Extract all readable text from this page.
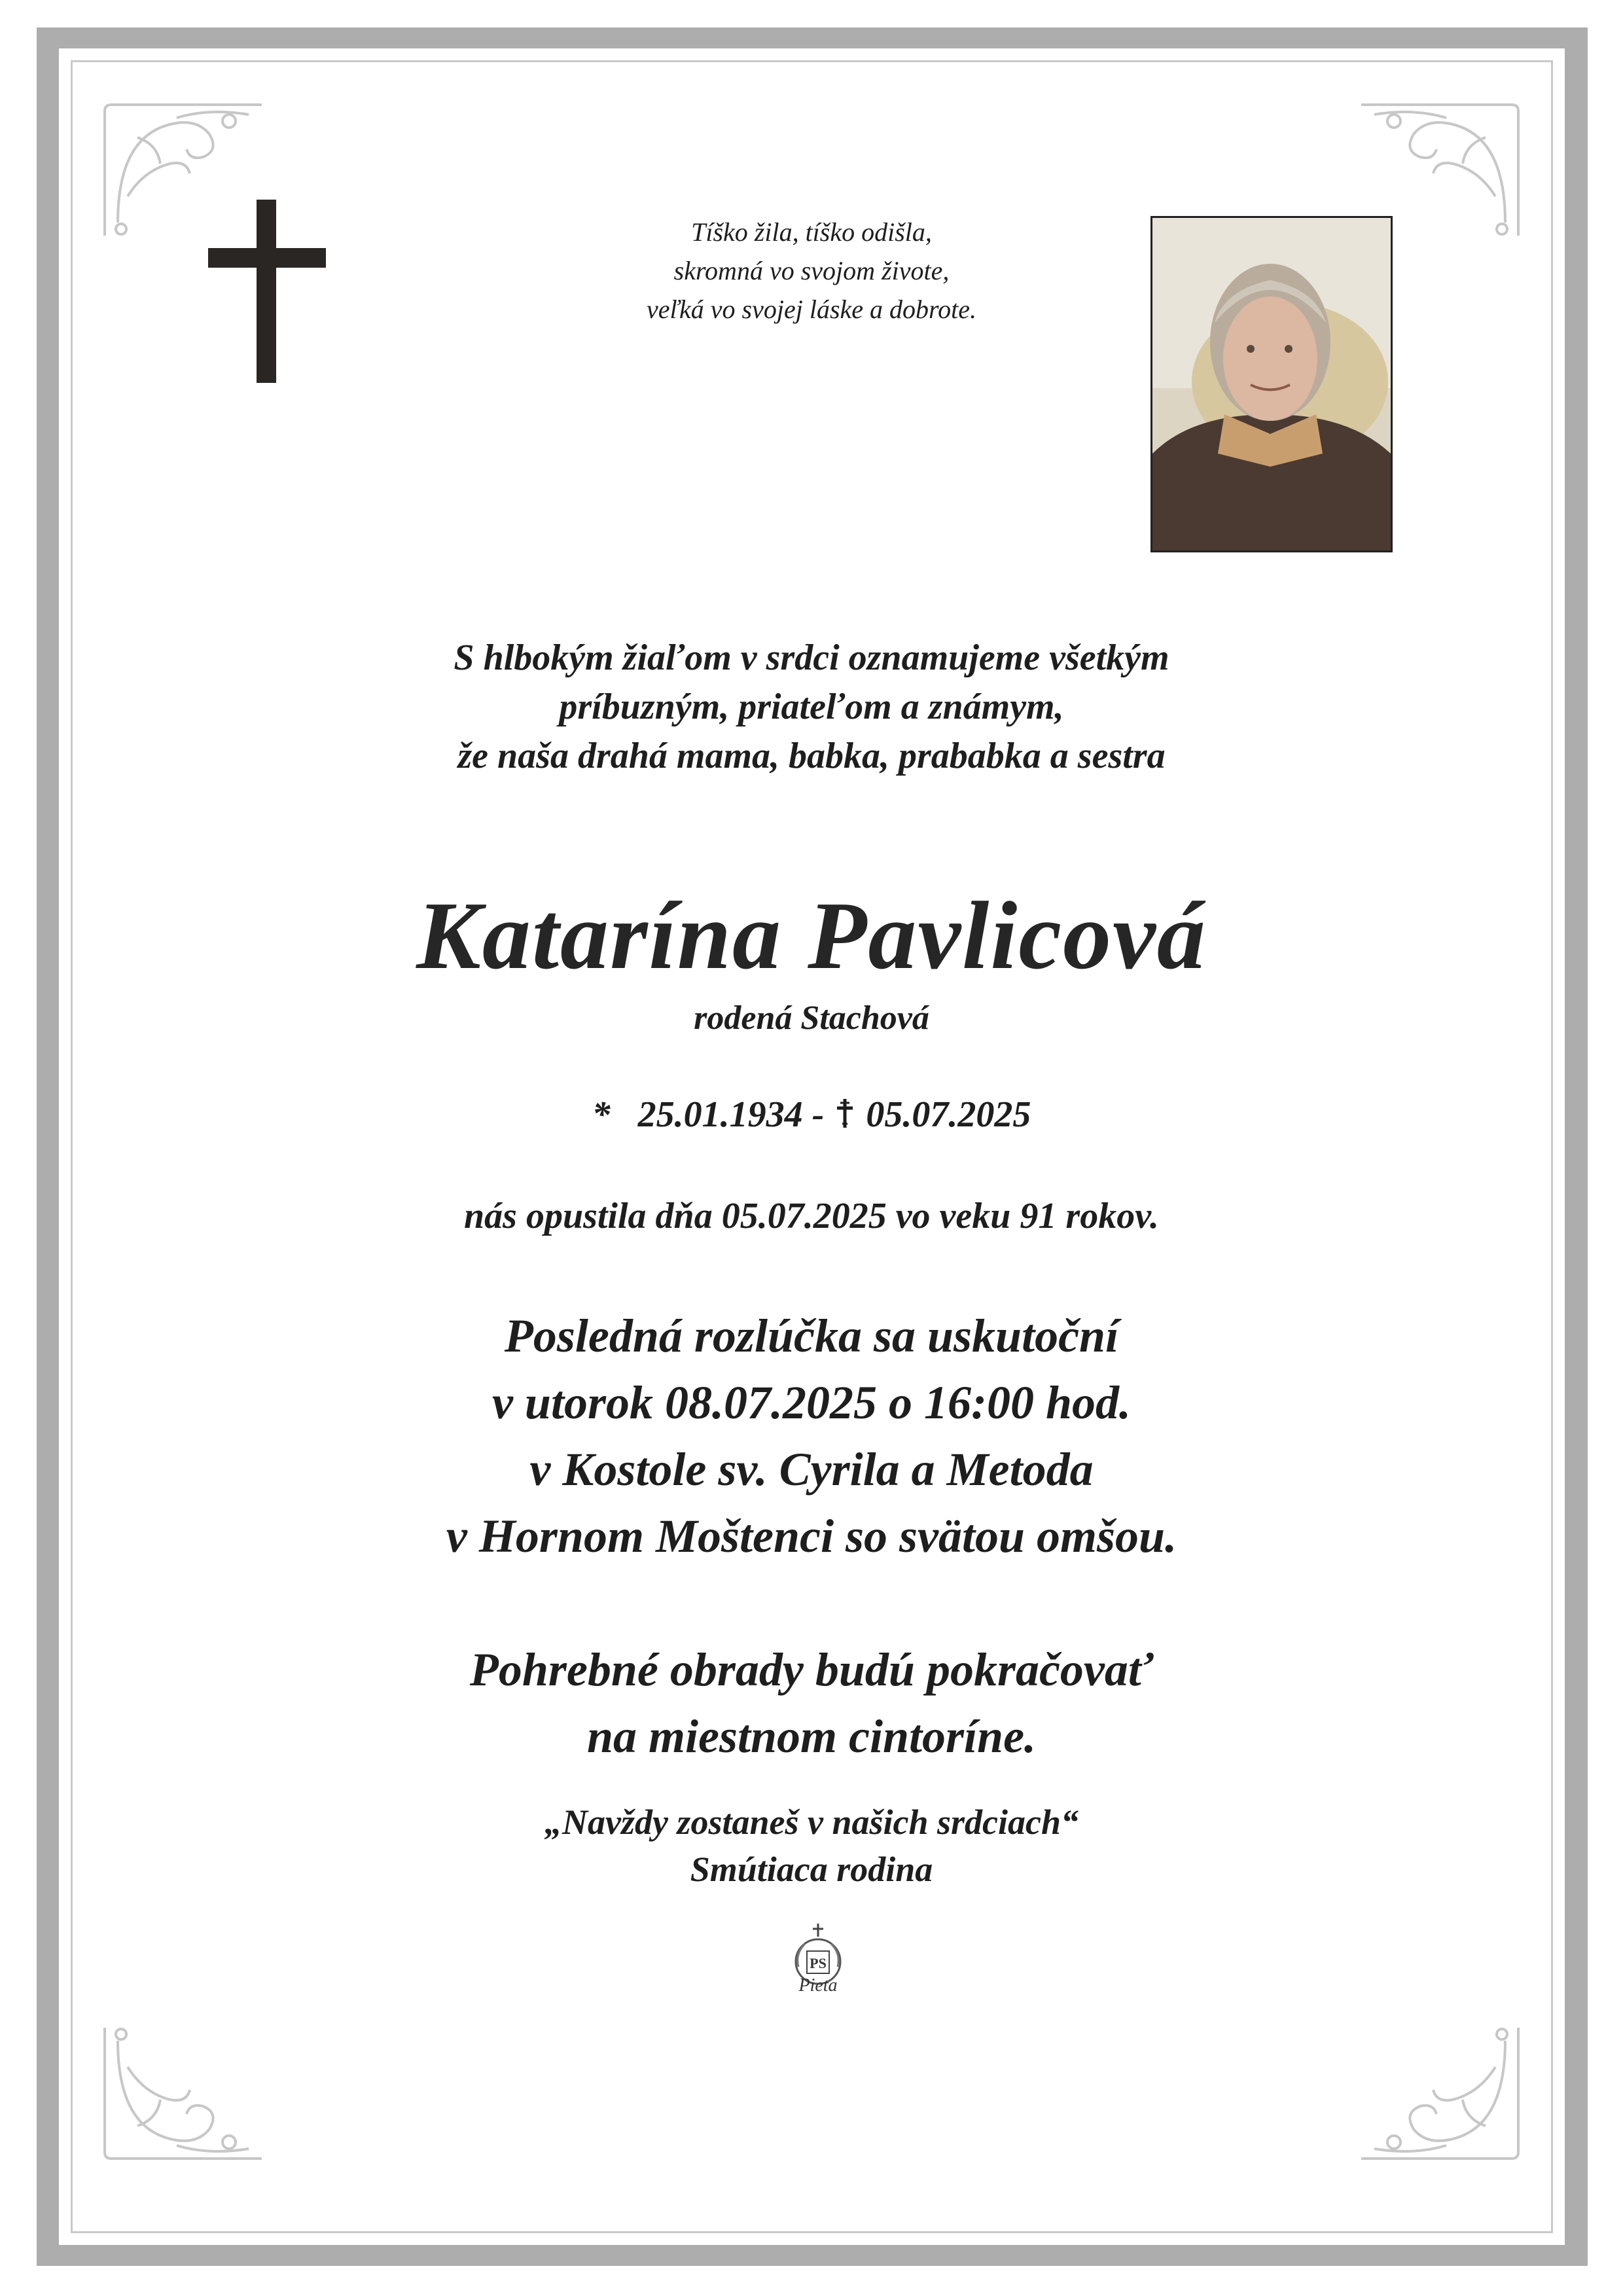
Tíško žila, tíško odišla,
skromná vo svojom živote,
veľká vo svojej láske a dobrote.
S hlbokým žiaľom v srdci oznamujeme všetkým
príbuzným, priateľom a známym,
že naša drahá mama, babka, prababka a sestra
Katarína Pavlicová
rodená Stachová
* 25.01.1934 - 05.07.2025
nás opustila dňa 05.07.2025 vo veku 91 rokov.
Posledná rozlúčka sa uskutoční
v utorok 08.07.2025 o 16:00 hod.
v Kostole sv. Cyrila a Metoda
v Hornom Moštenci so svätou omšou.
Pohrebné obrady budú pokračovať
na miestnom cintoríne.
„Navždy zostaneš v našich srdciach“
Smútiaca rodina
PS
Pieta
